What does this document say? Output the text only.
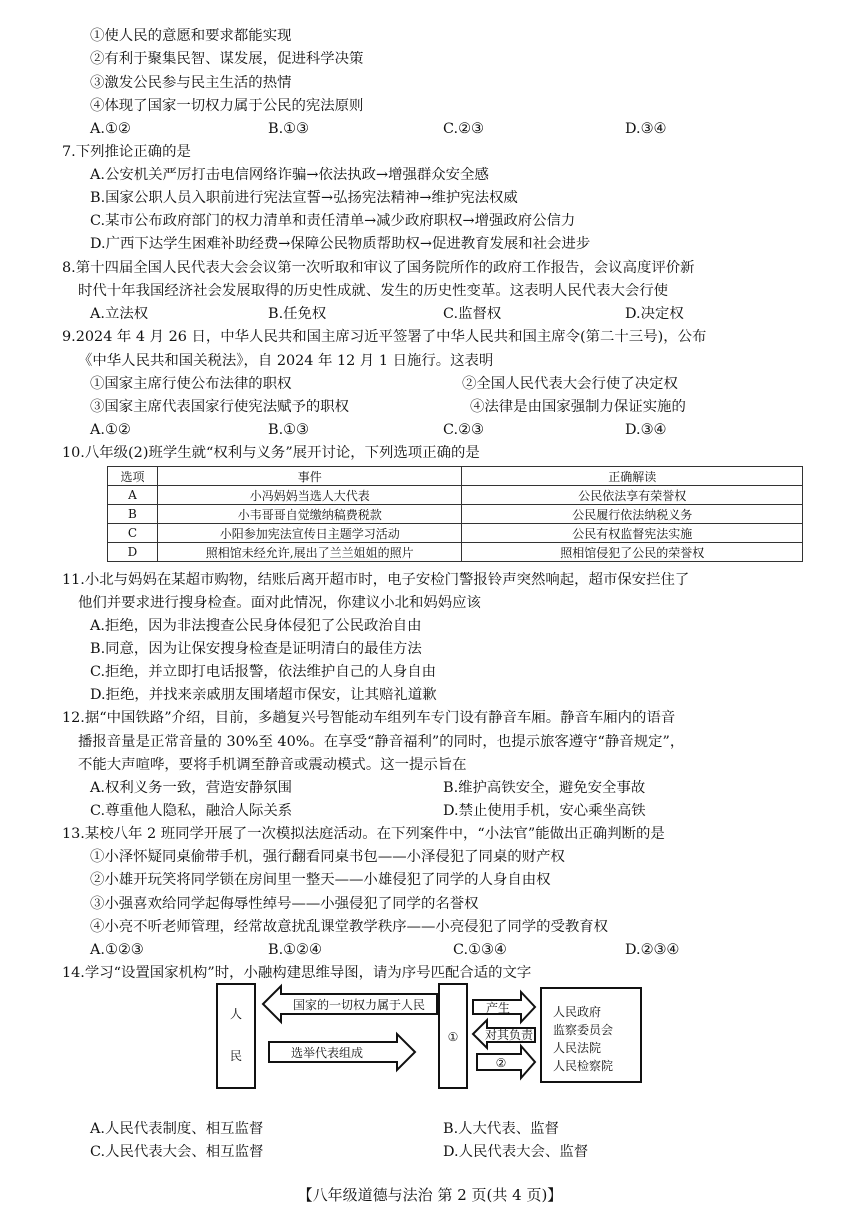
①使人民的意愿和要求都能实现
②有利于聚集民智、谋发展，促进科学决策
③激发公民参与民主生活的热情
④体现了国家一切权力属于公民的宪法原则
A.①②	B.①③	C.②③	D.③④
7.下列推论正确的是
A.公安机关严厉打击电信网络诈骗→依法执政→增强群众安全感
B.国家公职人员入职前进行宪法宣誓→弘扬宪法精神→维护宪法权威
C.某市公布政府部门的权力清单和责任清单→减少政府职权→增强政府公信力
D.广西下达学生困难补助经费→保障公民物质帮助权→促进教育发展和社会进步
8.第十四届全国人民代表大会会议第一次听取和审议了国务院所作的政府工作报告，会议高度评价新
时代十年我国经济社会发展取得的历史性成就、发生的历史性变革。这表明人民代表大会行使
A.立法权	B.任免权	C.监督权	D.决定权
9.2024 年 4 月 26 日，中华人民共和国主席习近平签署了中华人民共和国主席令(第二十三号)，公布
《中华人民共和国关税法》，自 2024 年 12 月 1 日施行。这表明
①国家主席行使公布法律的职权	②全国人民代表大会行使了决定权
③国家主席代表国家行使宪法赋予的职权	④法律是由国家强制力保证实施的
A.①②	B.①③	C.②③	D.③④
10.八年级(2)班学生就“权利与义务”展开讨论，下列选项正确的是
选项	事件	正确解读
A	小冯妈妈当选人大代表	公民依法享有荣誉权
B	小韦哥哥自觉缴纳稿费税款	公民履行依法纳税义务
C	小阳参加宪法宣传日主题学习活动	公民有权监督宪法实施
D	照相馆未经允许,展出了兰兰姐姐的照片	照相馆侵犯了公民的荣誉权
11.小北与妈妈在某超市购物，结账后离开超市时，电子安检门警报铃声突然响起，超市保安拦住了
他们并要求进行搜身检查。面对此情况，你建议小北和妈妈应该
A.拒绝，因为非法搜查公民身体侵犯了公民政治自由
B.同意，因为让保安搜身检查是证明清白的最佳方法
C.拒绝，并立即打电话报警，依法维护自己的人身自由
D.拒绝，并找来亲戚朋友围堵超市保安，让其赔礼道歉
12.据“中国铁路”介绍，目前，多趟复兴号智能动车组列车专门设有静音车厢。静音车厢内的语音
播报音量是正常音量的 30%至 40%。在享受“静音福利”的同时，也提示旅客遵守“静音规定”，
不能大声喧哗，要将手机调至静音或震动模式。这一提示旨在
A.权利义务一致，营造安静氛围	B.维护高铁安全，避免安全事故
C.尊重他人隐私，融洽人际关系	D.禁止使用手机，安心乘坐高铁
13.某校八年 2 班同学开展了一次模拟法庭活动。在下列案件中，“小法官”能做出正确判断的是
①小泽怀疑同桌偷带手机，强行翻看同桌书包——小泽侵犯了同桌的财产权
②小雄开玩笑将同学锁在房间里一整天——小雄侵犯了同学的人身自由权
③小强喜欢给同学起侮辱性绰号——小强侵犯了同学的名誉权
④小亮不听老师管理，经常故意扰乱课堂教学秩序——小亮侵犯了同学的受教育权
A.①②③	B.①②④	C.①③④	D.②③④
14.学习“设置国家机构”时，小融构建思维导图，请为序号匹配合适的文字
人
民
国家的一切权力属于人民
选举代表组成
①
产生
对其负责
②
人民政府
监察委员会
人民法院
人民检察院
A.人民代表制度、相互监督	B.人大代表、监督
C.人民代表大会、相互监督	D.人民代表大会、监督
【八年级道德与法治 第 2 页(共 4 页)】
